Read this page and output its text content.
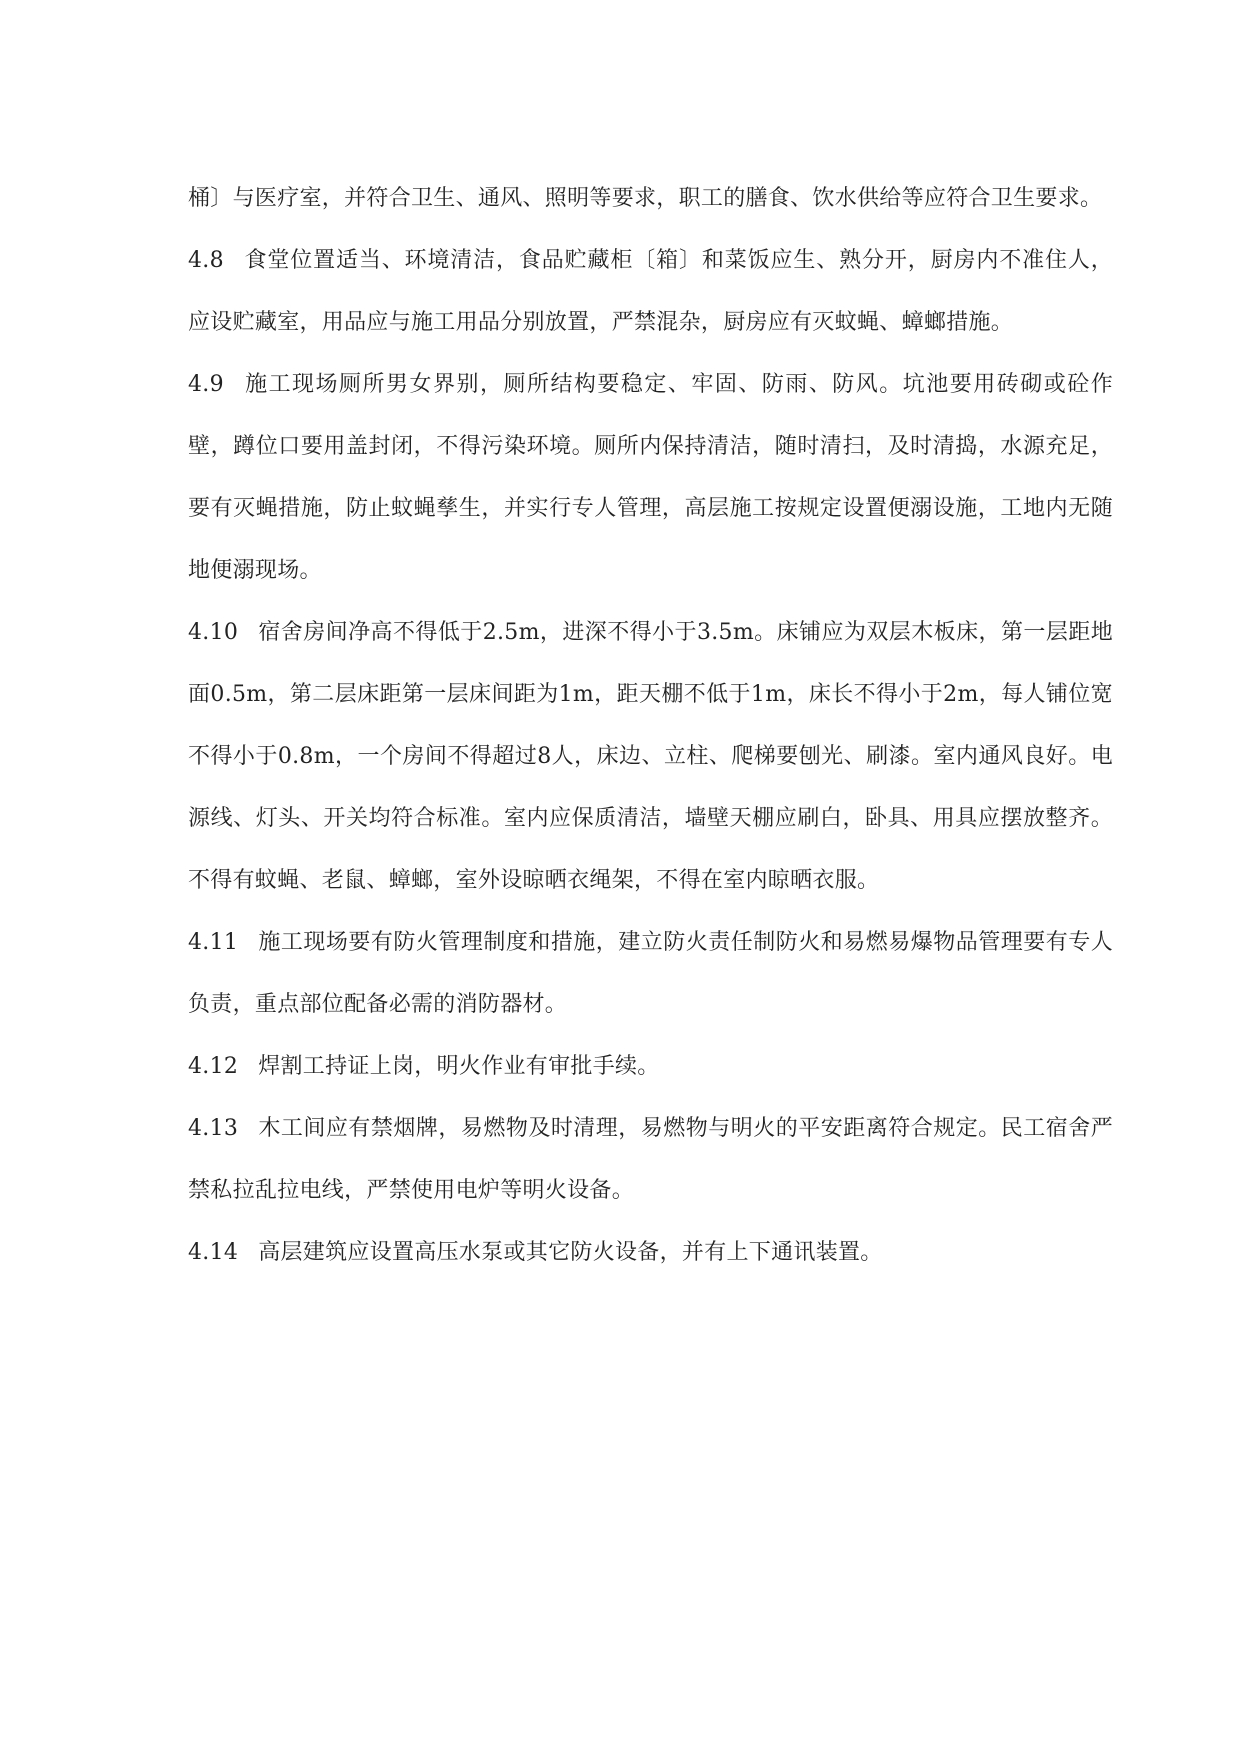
桶〕与医疗室，并符合卫生、通风、照明等要求，职工的膳食、饮水供给等应符合卫生要求。

4.8 食堂位置适当、环境清洁，食品贮藏柜〔箱〕和菜饭应生、熟分开，厨房内不准住人，应设贮藏室，用品应与施工用品分别放置，严禁混杂，厨房应有灭蚊蝇、蟑螂措施。

4.9 施工现场厕所男女界别，厕所结构要稳定、牢固、防雨、防风。坑池要用砖砌或砼作壁，蹲位口要用盖封闭，不得污染环境。厕所内保持清洁，随时清扫，及时清捣，水源充足，要有灭蝇措施，防止蚊蝇孳生，并实行专人管理，高层施工按规定设置便溺设施，工地内无随地便溺现场。

4.10 宿舍房间净高不得低于2.5m，进深不得小于3.5m。床铺应为双层木板床，第一层距地面0.5m，第二层床距第一层床间距为1m，距天棚不低于1m，床长不得小于2m，每人铺位宽不得小于0.8m，一个房间不得超过8人，床边、立柱、爬梯要刨光、刷漆。室内通风良好。电源线、灯头、开关均符合标准。室内应保质清洁，墙壁天棚应刷白，卧具、用具应摆放整齐。不得有蚊蝇、老鼠、蟑螂，室外设晾晒衣绳架，不得在室内晾晒衣服。

4.11 施工现场要有防火管理制度和措施，建立防火责任制防火和易燃易爆物品管理要有专人负责，重点部位配备必需的消防器材。

4.12 焊割工持证上岗，明火作业有审批手续。

4.13 木工间应有禁烟牌，易燃物及时清理，易燃物与明火的平安距离符合规定。民工宿舍严禁私拉乱拉电线，严禁使用电炉等明火设备。

4.14 高层建筑应设置高压水泵或其它防火设备，并有上下通讯装置。
